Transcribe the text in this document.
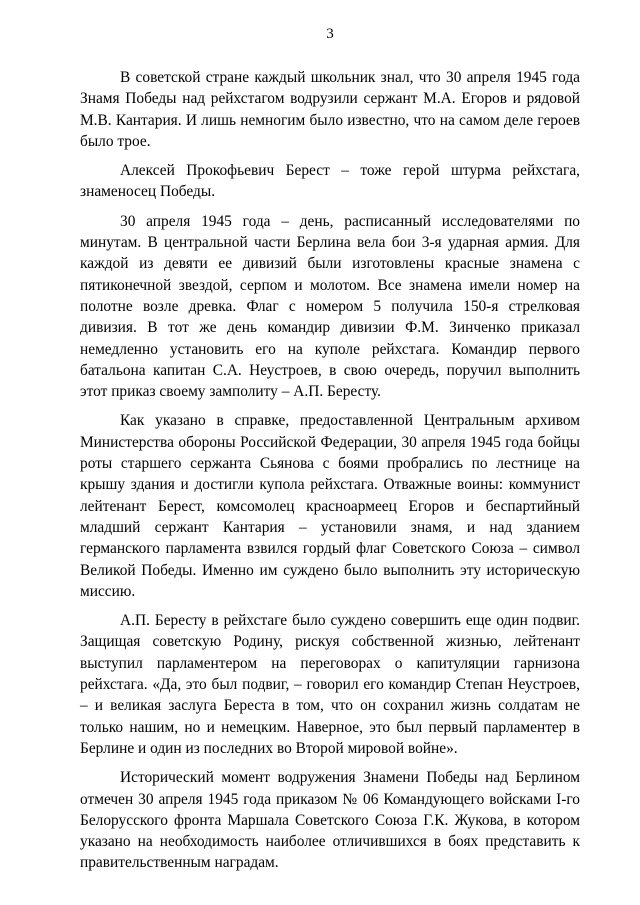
3

В советской стране каждый школьник знал, что 30 апреля 1945 года Знамя Победы над рейхстагом водрузили сержант М.А. Егоров и рядовой М.В. Кантария. И лишь немногим было известно, что на самом деле героев было трое.

Алексей Прокофьевич Берест – тоже герой штурма рейхстага, знаменосец Победы.

30 апреля 1945 года – день, расписанный исследователями по минутам. В центральной части Берлина вела бои 3-я ударная армия. Для каждой из девяти ее дивизий были изготовлены красные знамена с пятиконечной звездой, серпом и молотом. Все знамена имели номер на полотне возле древка. Флаг с номером 5 получила 150-я стрелковая дивизия. В тот же день командир дивизии Ф.М. Зинченко приказал немедленно установить его на куполе рейхстага. Командир первого батальона капитан С.А. Неустроев, в свою очередь, поручил выполнить этот приказ своему замполиту – А.П. Бересту.

Как указано в справке, предоставленной Центральным архивом Министерства обороны Российской Федерации, 30 апреля 1945 года бойцы роты старшего сержанта Сьянова с боями пробрались по лестнице на крышу здания и достигли купола рейхстага. Отважные воины: коммунист лейтенант Берест, комсомолец красноармеец Егоров и беспартийный младший сержант Кантария – установили знамя, и над зданием германского парламента взвился гордый флаг Советского Союза – символ Великой Победы. Именно им суждено было выполнить эту историческую миссию.

А.П. Бересту в рейхстаге было суждено совершить еще один подвиг. Защищая советскую Родину, рискуя собственной жизнью, лейтенант выступил парламентером на переговорах о капитуляции гарнизона рейхстага. «Да, это был подвиг, – говорил его командир Степан Неустроев, – и великая заслуга Береста в том, что он сохранил жизнь солдатам не только нашим, но и немецким. Наверное, это был первый парламентер в Берлине и один из последних во Второй мировой войне».

Исторический момент водружения Знамени Победы над Берлином отмечен 30 апреля 1945 года приказом № 06 Командующего войсками I-го Белорусского фронта Маршала Советского Союза Г.К. Жукова, в котором указано на необходимость наиболее отличившихся в боях представить к правительственным наградам.
